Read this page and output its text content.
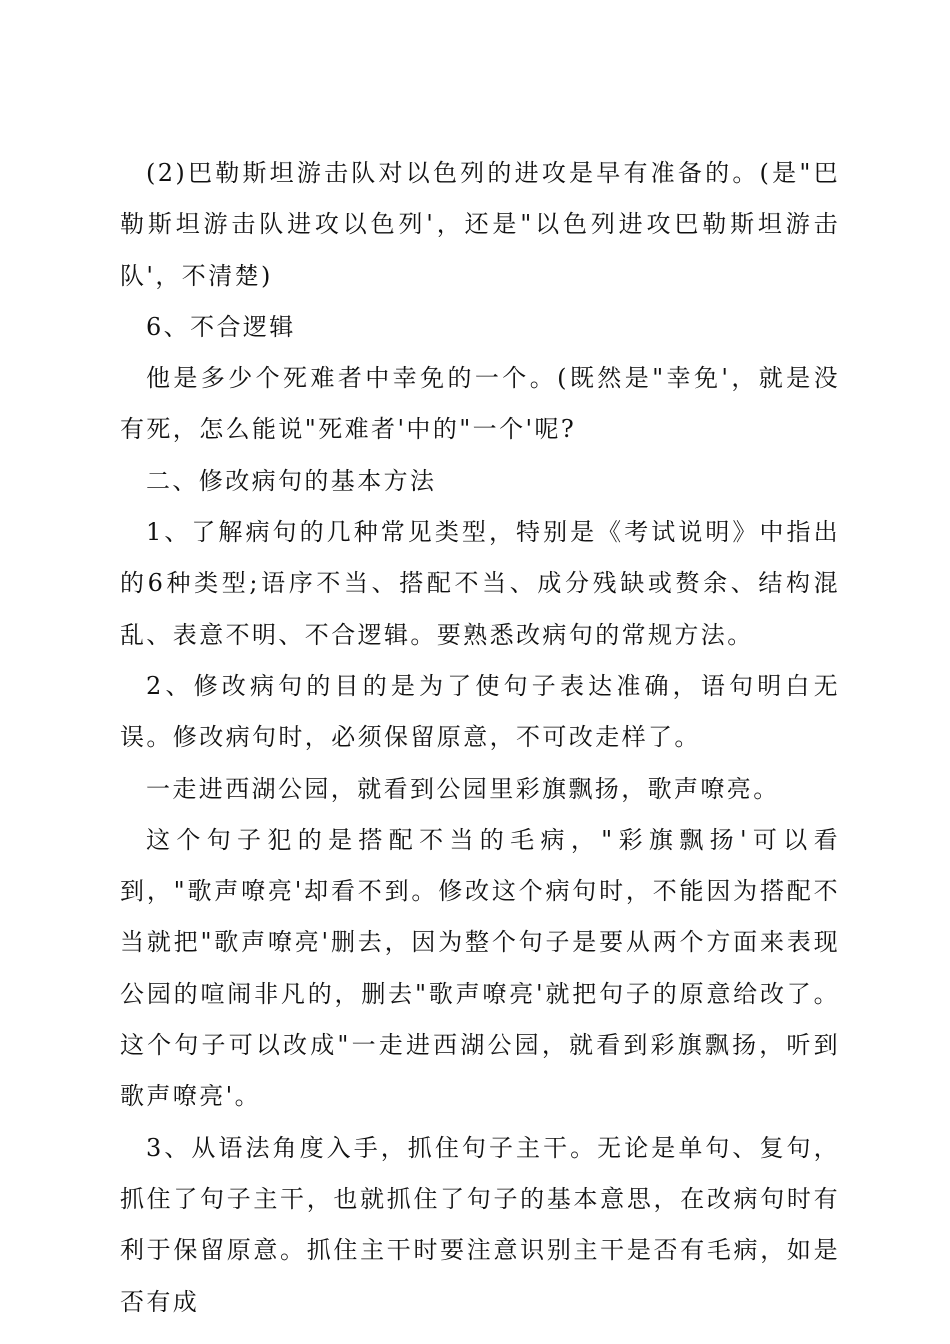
(2)巴勒斯坦游击队对以色列的进攻是早有准备的。(是"巴勒斯坦游击队进攻以色列'，还是"以色列进攻巴勒斯坦游击队'，不清楚)

6、不合逻辑

他是多少个死难者中幸免的一个。(既然是"幸免'，就是没有死，怎么能说"死难者'中的"一个'呢?

二、修改病句的基本方法

1、了解病句的几种常见类型，特别是《考试说明》中指出的6种类型;语序不当、搭配不当、成分残缺或赘余、结构混乱、表意不明、不合逻辑。要熟悉改病句的常规方法。

2、修改病句的目的是为了使句子表达准确，语句明白无误。修改病句时，必须保留原意，不可改走样了。

一走进西湖公园，就看到公园里彩旗飘扬，歌声嘹亮。

这个句子犯的是搭配不当的毛病，"彩旗飘扬'可以看到，"歌声嘹亮'却看不到。修改这个病句时，不能因为搭配不当就把"歌声嘹亮'删去，因为整个句子是要从两个方面来表现公园的喧闹非凡的，删去"歌声嘹亮'就把句子的原意给改了。这个句子可以改成"一走进西湖公园，就看到彩旗飘扬，听到歌声嘹亮'。

3、从语法角度入手，抓住句子主干。无论是单句、复句，抓住了句子主干，也就抓住了句子的基本意思，在改病句时有利于保留原意。抓住主干时要注意识别主干是否有毛病，如是否有成
